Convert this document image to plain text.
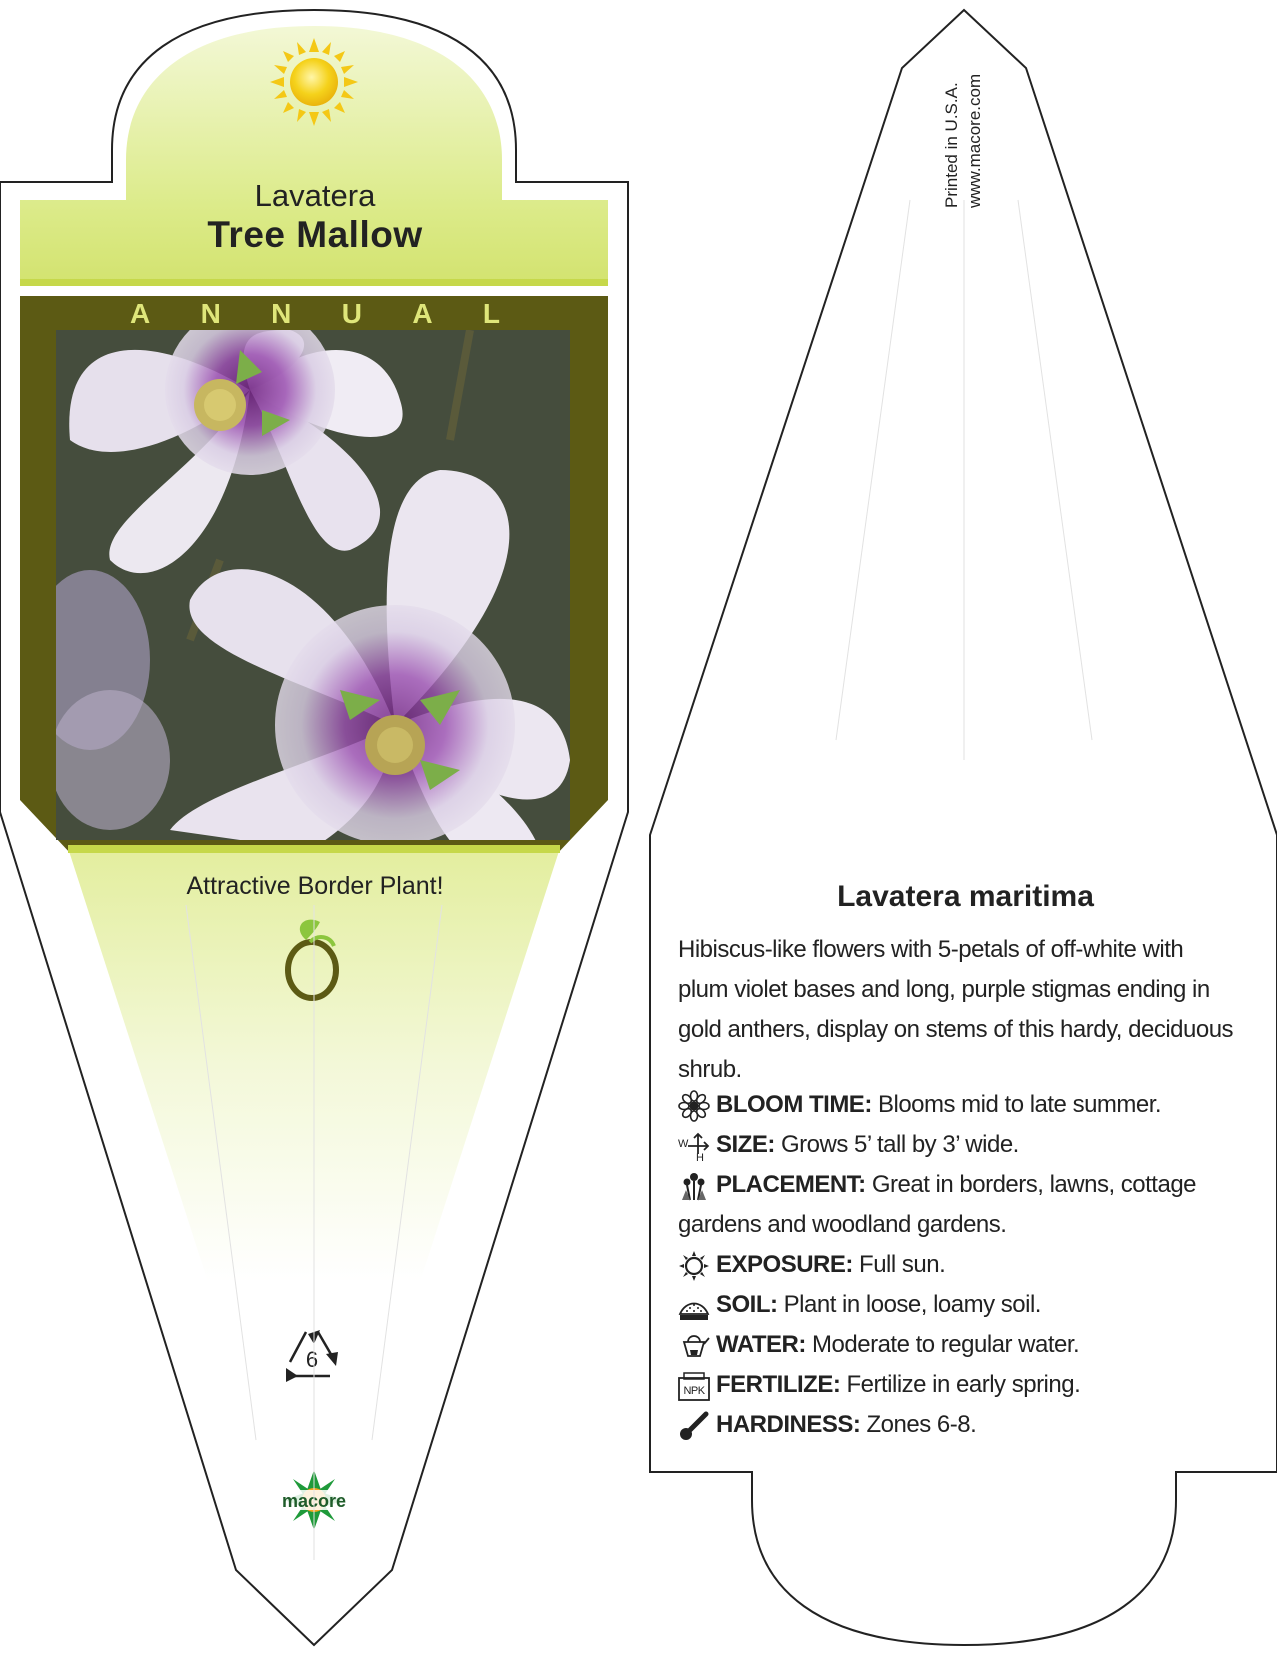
6
macore
Lavatera
Tree Mallow
A N N U A L
Attractive Border Plant!
Printed in U.S.A. www.macore.com
Lavatera maritima
Hibiscus-like flowers with 5-petals of off-white with plum violet bases and long, purple stigmas ending in gold anthers, display on stems of this hardy, deciduous shrub.
BLOOM TIME: Blooms mid to late summer.
W
H SIZE: Grows 5’ tall by 3’ wide.
PLACEMENT: Great in borders, lawns, cottage gardens and woodland gardens.
EXPOSURE: Full sun.
SOIL: Plant in loose, loamy soil.
WATER: Moderate to regular water.
NPK FERTILIZE: Fertilize in early spring.
HARDINESS: Zones 6-8.
